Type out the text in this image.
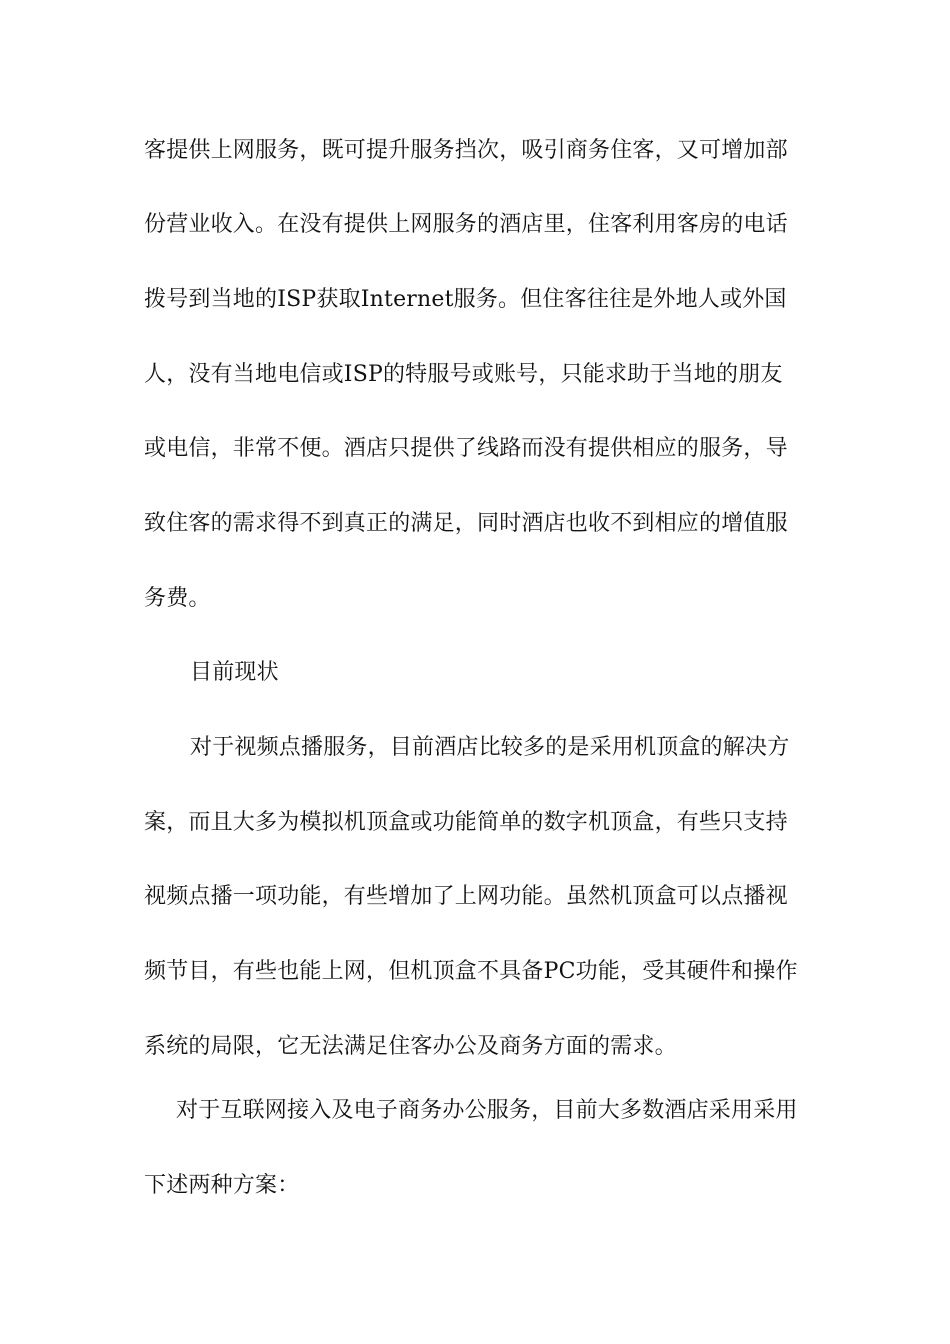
客提供上网服务，既可提升服务挡次，吸引商务住客，又可增加部
份营业收入。在没有提供上网服务的酒店里，住客利用客房的电话
拨号到当地的ISP获取Internet服务。但住客往往是外地人或外国
人，没有当地电信或ISP的特服号或账号，只能求助于当地的朋友
或电信，非常不便。酒店只提供了线路而没有提供相应的服务，导
致住客的需求得不到真正的满足，同时酒店也收不到相应的增值服
务费。
目前现状
对于视频点播服务，目前酒店比较多的是采用机顶盒的解决方
案，而且大多为模拟机顶盒或功能简单的数字机顶盒，有些只支持
视频点播一项功能，有些增加了上网功能。虽然机顶盒可以点播视
频节目，有些也能上网，但机顶盒不具备PC功能，受其硬件和操作
系统的局限，它无法满足住客办公及商务方面的需求。
对于互联网接入及电子商务办公服务，目前大多数酒店采用采用
下述两种方案：
